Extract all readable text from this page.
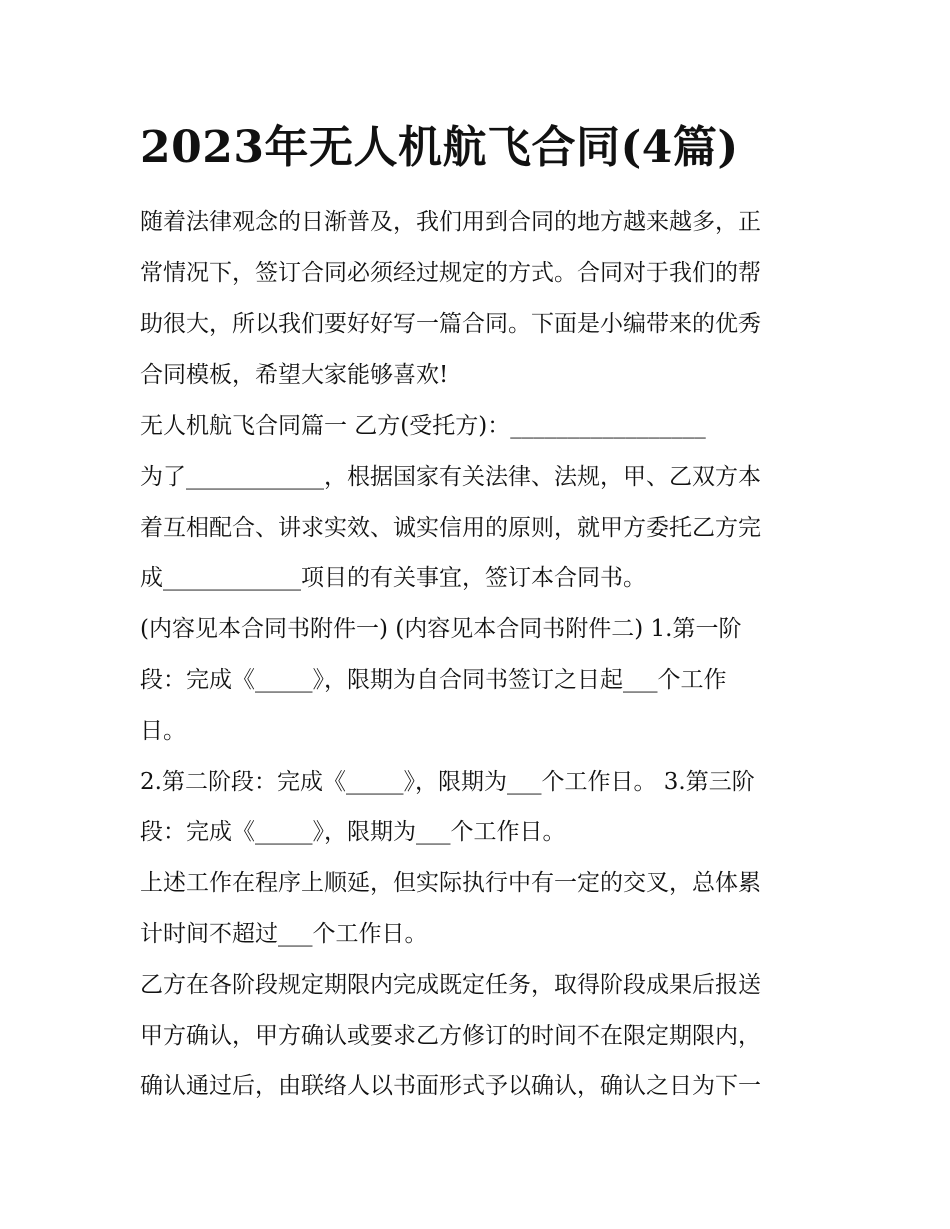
2023年无人机航飞合同(4篇)

随着法律观念的日渐普及，我们用到合同的地方越来越多，正

常情况下，签订合同必须经过规定的方式。合同对于我们的帮

助很大，所以我们要好好写一篇合同。下面是小编带来的优秀

合同模板，希望大家能够喜欢!

无人机航飞合同篇一 乙方(受托方)：_________________

为了____________，根据国家有关法律、法规，甲、乙双方本

着互相配合、讲求实效、诚实信用的原则，就甲方委托乙方完

成____________项目的有关事宜，签订本合同书。

(内容见本合同书附件一) (内容见本合同书附件二) 1.第一阶

段：完成《_____》，限期为自合同书签订之日起___个工作

日。

2.第二阶段：完成《_____》，限期为___个工作日。 3.第三阶

段：完成《_____》，限期为___个工作日。

上述工作在程序上顺延，但实际执行中有一定的交叉，总体累

计时间不超过___个工作日。

乙方在各阶段规定期限内完成既定任务，取得阶段成果后报送

甲方确认，甲方确认或要求乙方修订的时间不在限定期限内，

确认通过后，由联络人以书面形式予以确认，确认之日为下一
